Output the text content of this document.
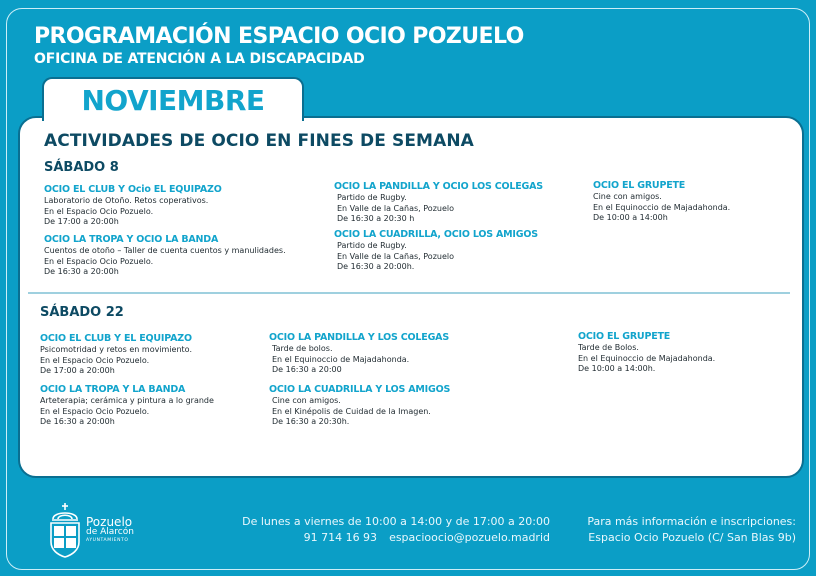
PROGRAMACIÓN ESPACIO OCIO POZUELO
OFICINA DE ATENCIÓN A LA DISCAPACIDAD
NOVIEMBRE
ACTIVIDADES DE OCIO EN FINES DE SEMANA
SÁBADO 8
OCIO EL CLUB Y Ocio EL EQUIPAZO
Laboratorio de Otoño. Retos coperativos.
En el Espacio Ocio Pozuelo.
De 17:00 a 20:00h
OCIO LA TROPA Y OCIO LA BANDA
Cuentos de otoño – Taller de cuenta cuentos y manulidades.
En el Espacio Ocio Pozuelo.
De 16:30 a 20:00h
OCIO LA PANDILLA Y OCIO LOS COLEGAS
Partido de Rugby.
En Valle de la Cañas, Pozuelo
De 16:30 a 20:30 h
OCIO LA CUADRILLA, OCIO LOS AMIGOS
Partido de Rugby.
En Valle de la Cañas, Pozuelo
De 16:30 a 20:00h.
OCIO EL GRUPETE
Cine con amigos.
En el Equinoccio de Majadahonda.
De 10:00 a 14:00h
SÁBADO 22
OCIO EL CLUB Y EL EQUIPAZO
Psicomotridad y retos en movimiento.
En el Espacio Ocio Pozuelo.
De 17:00 a 20:00h
OCIO LA TROPA Y LA BANDA
Arteterapia; cerámica y pintura a lo grande
En el Espacio Ocio Pozuelo.
De 16:30 a 20:00h
OCIO LA PANDILLA Y LOS COLEGAS
Tarde de bolos.
En el Equinoccio de Majadahonda.
De 16:30 a 20:00
OCIO LA CUADRILLA Y LOS AMIGOS
Cine con amigos.
En el Kinépolis de Cuidad de la Imagen.
De 16:30 a 20:30h.
OCIO EL GRUPETE
Tarde de Bolos.
En el Equinoccio de Majadahonda.
De 10:00 a 14:00h.
Pozuelo
de Alarcón
AYUNTAMIENTO
De lunes a viernes de 10:00 a 14:00 y de 17:00 a 20:00
91 714 16 93 espacioocio@pozuelo.madrid
Para más información e inscripciones:
Espacio Ocio Pozuelo (C/ San Blas 9b)
